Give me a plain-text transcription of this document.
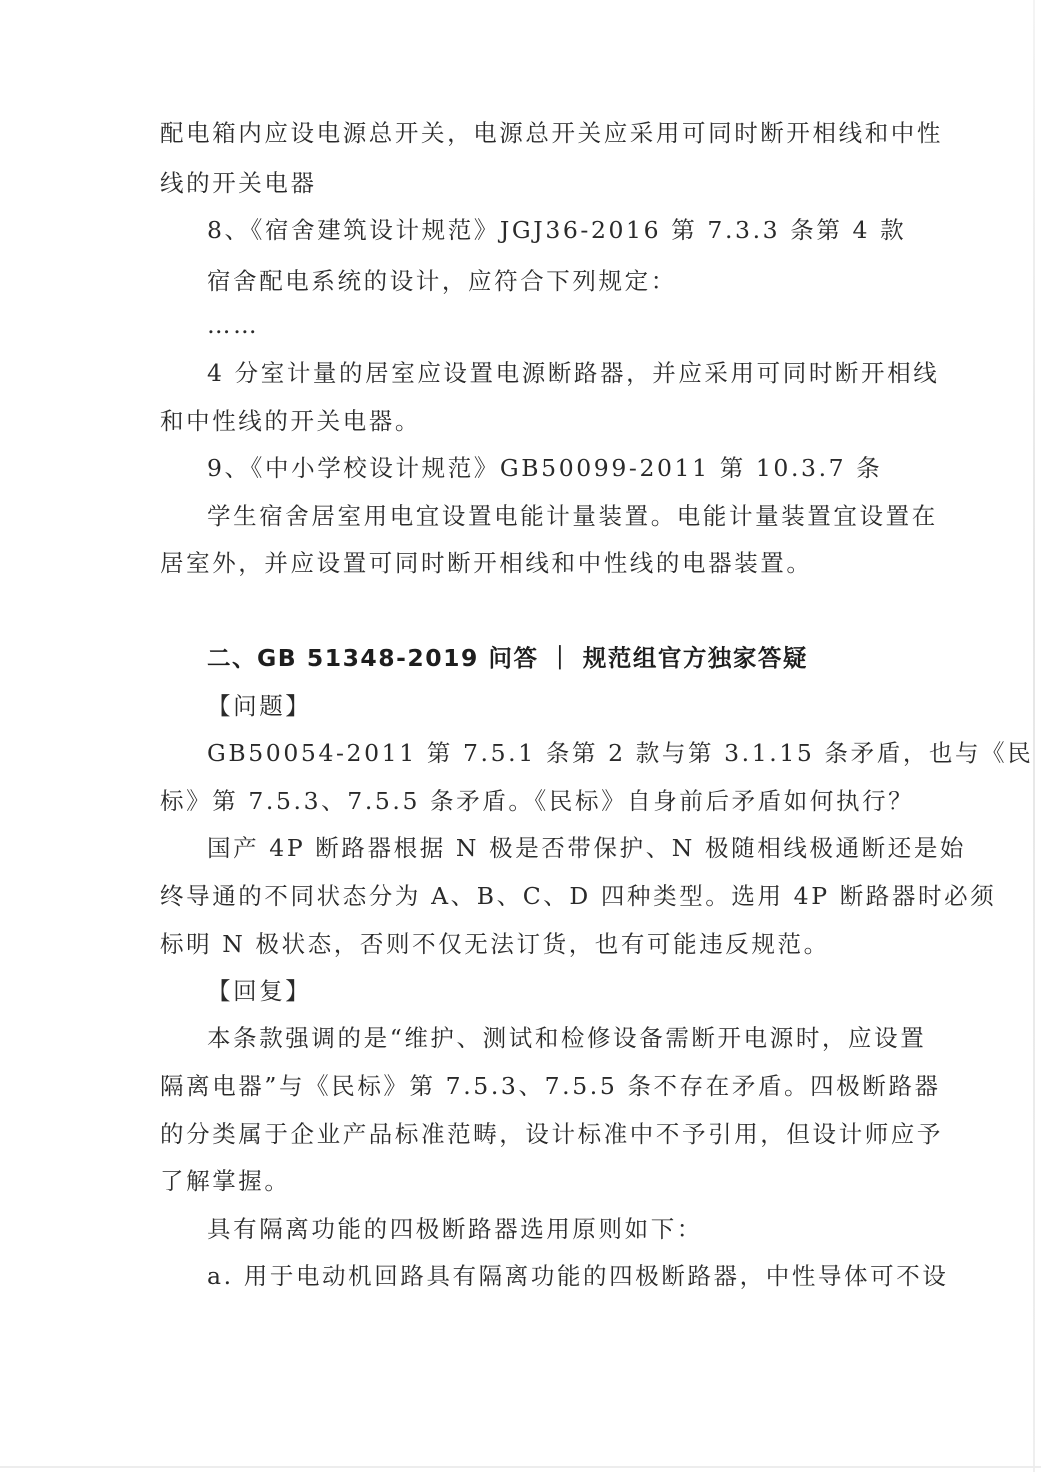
配电箱内应设电源总开关，电源总开关应采用可同时断开相线和中性
线的开关电器
8、《宿舍建筑设计规范》JGJ36-2016 第 7.3.3 条第 4 款
宿舍配电系统的设计，应符合下列规定：
……
4 分室计量的居室应设置电源断路器，并应采用可同时断开相线
和中性线的开关电器。
9、《中小学校设计规范》GB50099-2011 第 10.3.7 条
学生宿舍居室用电宜设置电能计量装置。电能计量装置宜设置在
居室外，并应设置可同时断开相线和中性线的电器装置。
二、GB 51348-2019 问答 ｜ 规范组官方独家答疑
【问题】
GB50054-2011 第 7.5.1 条第 2 款与第 3.1.15 条矛盾，也与《民
标》第 7.5.3、7.5.5 条矛盾。《民标》自身前后矛盾如何执行？
国产 4P 断路器根据 N 极是否带保护、N 极随相线极通断还是始
终导通的不同状态分为 A、B、C、D 四种类型。选用 4P 断路器时必须
标明 N 极状态，否则不仅无法订货，也有可能违反规范。
【回复】
本条款强调的是“维护、测试和检修设备需断开电源时，应设置
隔离电器”与《民标》第 7.5.3、7.5.5 条不存在矛盾。四极断路器
的分类属于企业产品标准范畴，设计标准中不予引用，但设计师应予
了解掌握。
具有隔离功能的四极断路器选用原则如下：
a. 用于电动机回路具有隔离功能的四极断路器，中性导体可不设
